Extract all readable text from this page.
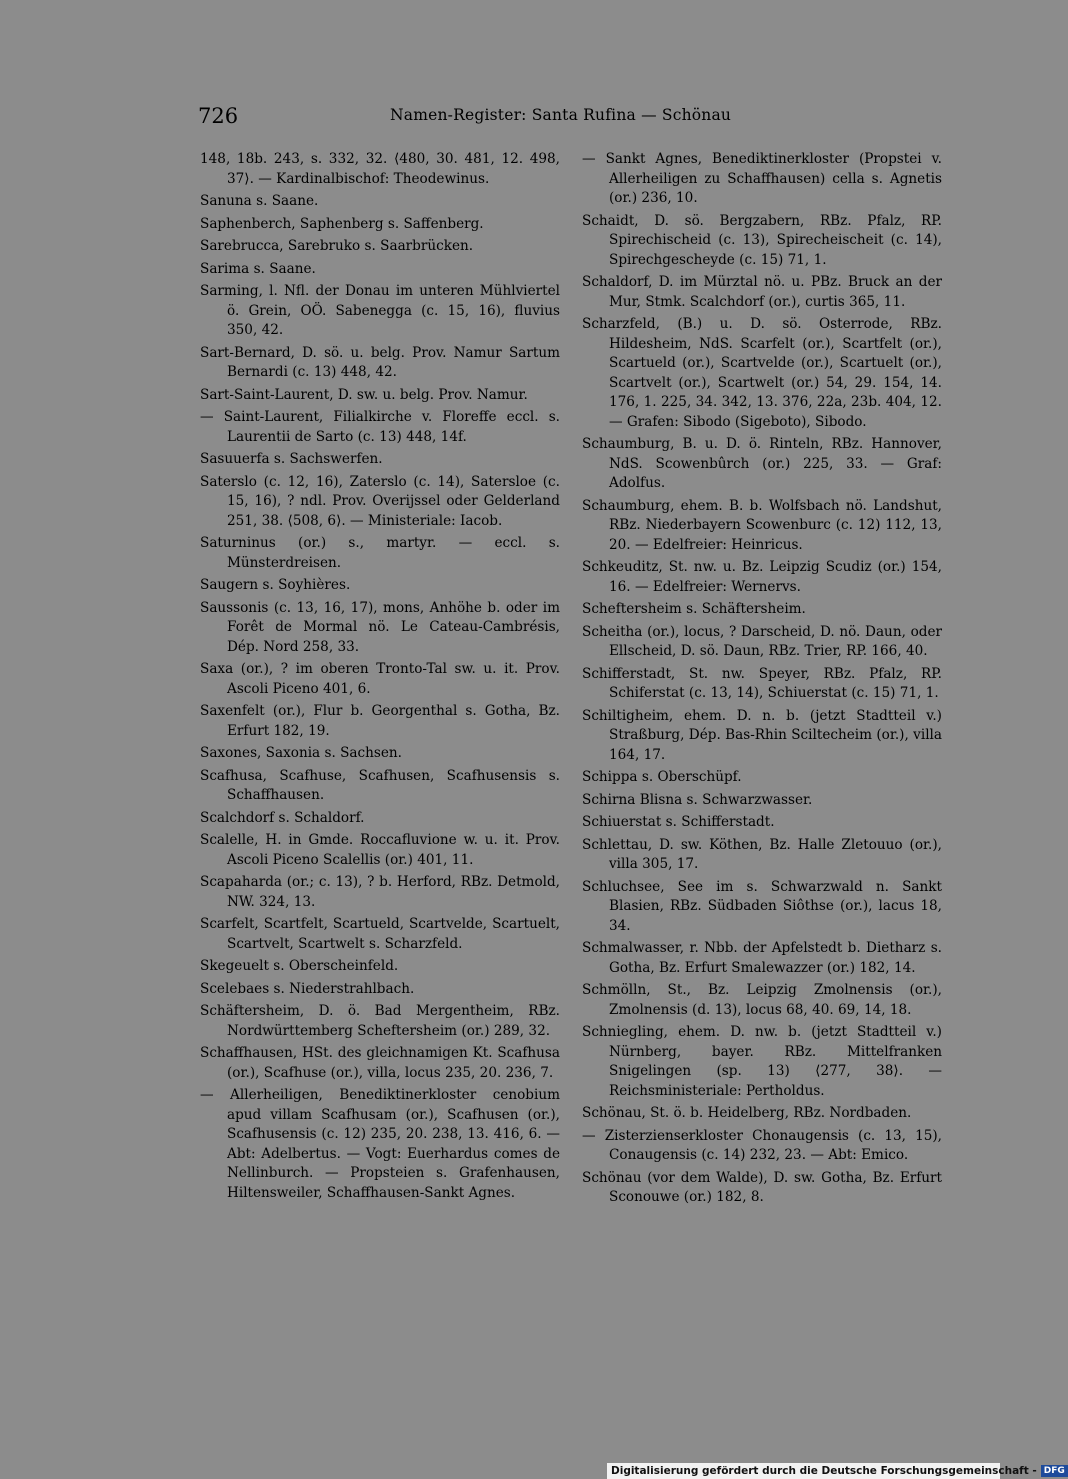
726	Namen-Register: Santa Rufina — Schönau

148, 18b. 243, s. 332, 32. ⟨480, 30. 481, 12. 498, 37⟩. — Kardinalbischof: Theodewinus.

Sanuna s. Saane.

Saphenberch, Saphenberg s. Saffenberg.

Sarebrucca, Sarebruko s. Saarbrücken.

Sarima s. Saane.

Sarming, l. Nfl. der Donau im unteren Mühlviertel ö. Grein, OÖ. Sabenegga (c. 15, 16), fluvius 350, 42.

Sart-Bernard, D. sö. u. belg. Prov. Namur Sartum Bernardi (c. 13) 448, 42.

Sart-Saint-Laurent, D. sw. u. belg. Prov. Namur.

— Saint-Laurent, Filialkirche v. Floreffe eccl. s. Laurentii de Sarto (c. 13) 448, 14f.

Sasuuerfa s. Sachswerfen.

Saterslo (c. 12, 16), Zaterslo (c. 14), Satersloe (c. 15, 16), ? ndl. Prov. Overijssel oder Gelderland 251, 38. ⟨508, 6⟩. — Ministeriale: Iacob.

Saturninus (or.) s., martyr. — eccl. s. Münsterdreisen.

Saugern s. Soyhières.

Saussonis (c. 13, 16, 17), mons, Anhöhe b. oder im Forêt de Mormal nö. Le Cateau-Cambrésis, Dép. Nord 258, 33.

Saxa (or.), ? im oberen Tronto-Tal sw. u. it. Prov. Ascoli Piceno 401, 6.

Saxenfelt (or.), Flur b. Georgenthal s. Gotha, Bz. Erfurt 182, 19.

Saxones, Saxonia s. Sachsen.

Scafhusa, Scafhuse, Scafhusen, Scafhusensis s. Schaffhausen.

Scalchdorf s. Schaldorf.

Scalelle, H. in Gmde. Roccafluvione w. u. it. Prov. Ascoli Piceno Scalellis (or.) 401, 11.

Scapaharda (or.; c. 13), ? b. Herford, RBz. Detmold, NW. 324, 13.

Scarfelt, Scartfelt, Scartueld, Scartvelde, Scartuelt, Scartvelt, Scartwelt s. Scharzfeld.

Skegeuelt s. Oberscheinfeld.

Scelebaes s. Niederstrahlbach.

Schäftersheim, D. ö. Bad Mergentheim, RBz. Nordwürttemberg Scheftersheim (or.) 289, 32.

Schaffhausen, HSt. des gleichnamigen Kt. Scafhusa (or.), Scafhuse (or.), villa, locus 235, 20. 236, 7.

— Allerheiligen, Benediktinerkloster cenobium apud villam Scafhusam (or.), Scafhusen (or.), Scafhusensis (c. 12) 235, 20. 238, 13. 416, 6. — Abt: Adelbertus. — Vogt: Euerhardus comes de Nellinburch. — Propsteien s. Grafenhausen, Hiltensweiler, Schaffhausen-Sankt Agnes.

— Sankt Agnes, Benediktinerkloster (Propstei v. Allerheiligen zu Schaffhausen) cella s. Agnetis (or.) 236, 10.

Schaidt, D. sö. Bergzabern, RBz. Pfalz, RP. Spirechischeid (c. 13), Spirecheischeit (c. 14), Spirechgescheyde (c. 15) 71, 1.

Schaldorf, D. im Mürztal nö. u. PBz. Bruck an der Mur, Stmk. Scalchdorf (or.), curtis 365, 11.

Scharzfeld, (B.) u. D. sö. Osterrode, RBz. Hildesheim, NdS. Scarfelt (or.), Scartfelt (or.), Scartueld (or.), Scartvelde (or.), Scartuelt (or.), Scartvelt (or.), Scartwelt (or.) 54, 29. 154, 14. 176, 1. 225, 34. 342, 13. 376, 22a, 23b. 404, 12. — Grafen: Sibodo (Sigeboto), Sibodo.

Schaumburg, B. u. D. ö. Rinteln, RBz. Hannover, NdS. Scowenbûrch (or.) 225, 33. — Graf: Adolfus.

Schaumburg, ehem. B. b. Wolfsbach nö. Landshut, RBz. Niederbayern Scowenburc (c. 12) 112, 13, 20. — Edelfreier: Heinricus.

Schkeuditz, St. nw. u. Bz. Leipzig Scudiz (or.) 154, 16. — Edelfreier: Wernervs.

Scheftersheim s. Schäftersheim.

Scheitha (or.), locus, ? Darscheid, D. nö. Daun, oder Ellscheid, D. sö. Daun, RBz. Trier, RP. 166, 40.

Schifferstadt, St. nw. Speyer, RBz. Pfalz, RP. Schiferstat (c. 13, 14), Schiuerstat (c. 15) 71, 1.

Schiltigheim, ehem. D. n. b. (jetzt Stadtteil v.) Straßburg, Dép. Bas-Rhin Sciltecheim (or.), villa 164, 17.

Schippa s. Oberschüpf.

Schirna Blisna s. Schwarzwasser.

Schiuerstat s. Schifferstadt.

Schlettau, D. sw. Köthen, Bz. Halle Zletouuo (or.), villa 305, 17.

Schluchsee, See im s. Schwarzwald n. Sankt Blasien, RBz. Südbaden Siôthse (or.), lacus 18, 34.

Schmalwasser, r. Nbb. der Apfelstedt b. Dietharz s. Gotha, Bz. Erfurt Smalewazzer (or.) 182, 14.

Schmölln, St., Bz. Leipzig Zmolnensis (or.), Zmolnensis (d. 13), locus 68, 40. 69, 14, 18.

Schniegling, ehem. D. nw. b. (jetzt Stadtteil v.) Nürnberg, bayer. RBz. Mittelfranken Snigelingen (sp. 13) ⟨277, 38⟩. — Reichsministeriale: Pertholdus.

Schönau, St. ö. b. Heidelberg, RBz. Nordbaden.

— Zisterzienserkloster Chonaugensis (c. 13, 15), Conaugensis (c. 14) 232, 23. — Abt: Emico.

Schönau (vor dem Walde), D. sw. Gotha, Bz. Erfurt Sconouwe (or.) 182, 8.

Digitalisierung gefördert durch die Deutsche Forschungsgemeinschaft - DFG
